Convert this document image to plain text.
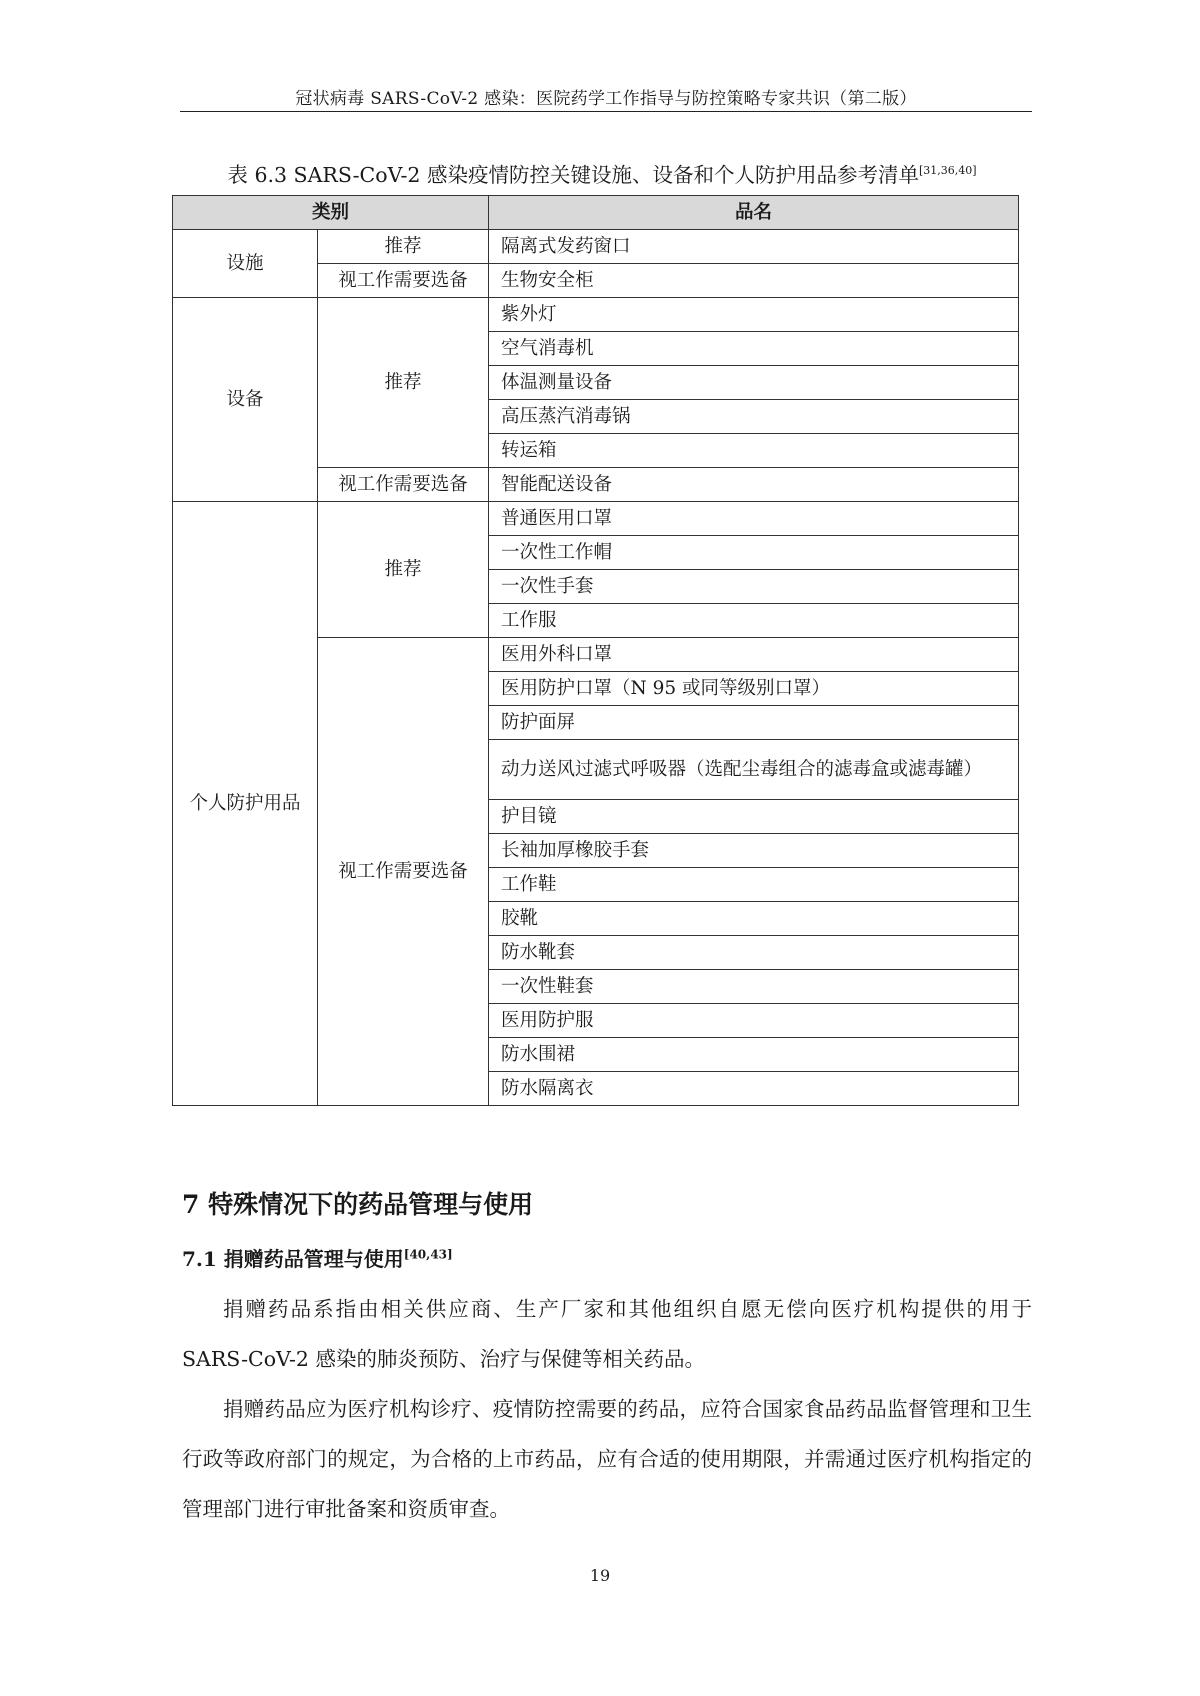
冠状病毒 SARS-CoV-2 感染：医院药学工作指导与防控策略专家共识（第二版）
表 6.3 SARS-CoV-2 感染疫情防控关键设施、设备和个人防护用品参考清单[31,36,40]
类别		品名
设施	推荐	隔离式发药窗口
	视工作需要选备	生物安全柜
设备	推荐	紫外灯
		空气消毒机
		体温测量设备
		高压蒸汽消毒锅
		转运箱
	视工作需要选备	智能配送设备
个人防护用品	推荐	普通医用口罩
		一次性工作帽
		一次性手套
		工作服
	视工作需要选备	医用外科口罩
		医用防护口罩（N 95 或同等级别口罩）
		防护面屏
		动力送风过滤式呼吸器（选配尘毒组合的滤毒盒或滤毒罐）
		护目镜
		长袖加厚橡胶手套
		工作鞋
		胶靴
		防水靴套
		一次性鞋套
		医用防护服
		防水围裙
		防水隔离衣
7 特殊情况下的药品管理与使用
7.1 捐赠药品管理与使用[40,43]
捐赠药品系指由相关供应商、生产厂家和其他组织自愿无偿向医疗机构提供的用于 SARS-CoV-2 感染的肺炎预防、治疗与保健等相关药品。
捐赠药品应为医疗机构诊疗、疫情防控需要的药品，应符合国家食品药品监督管理和卫生行政等政府部门的规定，为合格的上市药品，应有合适的使用期限，并需通过医疗机构指定的管理部门进行审批备案和资质审查。
19
